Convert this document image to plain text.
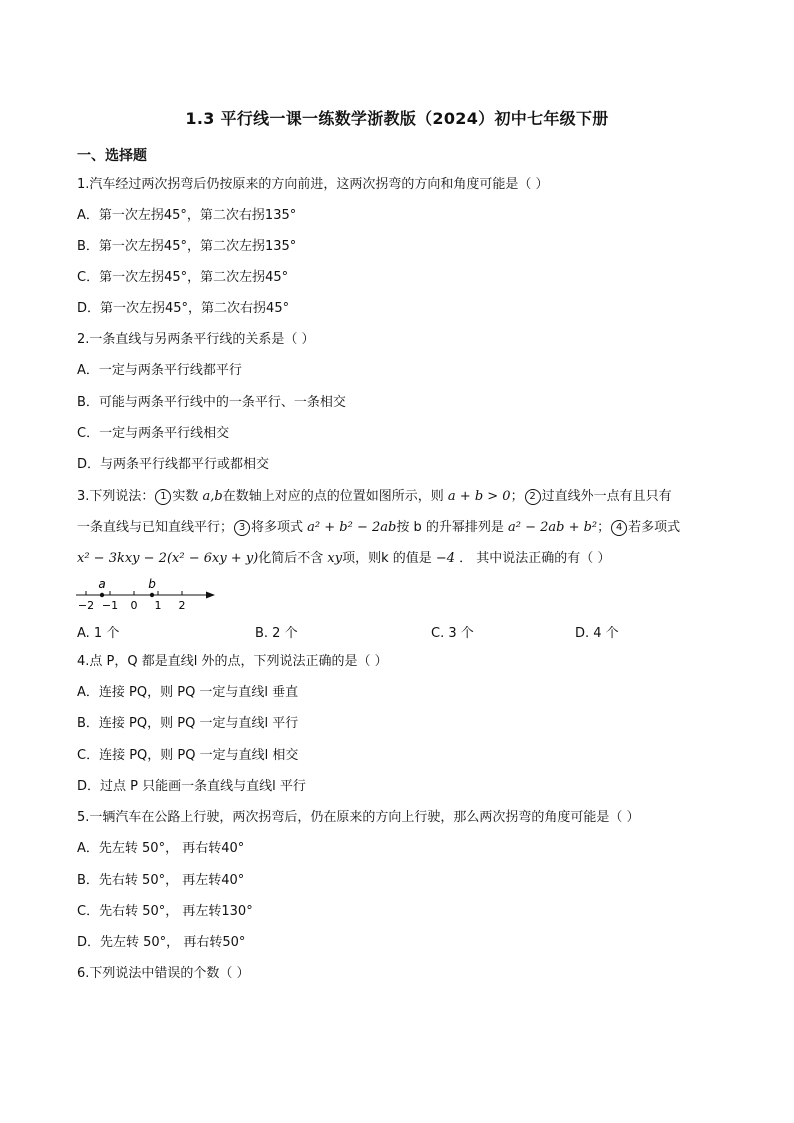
1.3 平行线一课一练数学浙教版（2024）初中七年级下册
一、选择题
1.汽车经过两次拐弯后仍按原来的方向前进，这两次拐弯的方向和角度可能是（ ）
A．第一次左拐45°，第二次右拐135°
B．第一次左拐45°，第二次左拐135°
C．第一次左拐45°，第二次左拐45°
D．第一次左拐45°，第二次右拐45°
2.一条直线与另两条平行线的关系是（ ）
A．一定与两条平行线都平行
B．可能与两条平行线中的一条平行、一条相交
C．一定与两条平行线相交
D．与两条平行线都平行或都相交
3.下列说法： 1 实数 a,b在数轴上对应的点的位置如图所示，则 a + b > 0； 2 过直线外一点有且只有
一条直线与已知直线平行； 3 将多项式 a² + b² − 2ab按 b 的升幂排列是 a² − 2ab + b²； 4 若多项式
x² − 3kxy − 2(x² − 6xy + y)化简后不含 xy项，则k 的值是 −4 ． 其中说法正确的有（ ）
a	b
−2 −1 0 1 2
A. 1 个	B. 2 个	C. 3 个	D. 4 个
4.点 P，Q 都是直线l 外的点，下列说法正确的是（ ）
A．连接 PQ，则 PQ 一定与直线l 垂直
B．连接 PQ，则 PQ 一定与直线l 平行
C．连接 PQ，则 PQ 一定与直线l 相交
D．过点 P 只能画一条直线与直线l 平行
5.一辆汽车在公路上行驶，两次拐弯后，仍在原来的方向上行驶，那么两次拐弯的角度可能是（ ）
A．先左转 50°， 再右转40°
B．先右转 50°， 再左转40°
C．先右转 50°， 再左转130°
D．先左转 50°， 再右转50°
6.下列说法中错误的个数（ ）
